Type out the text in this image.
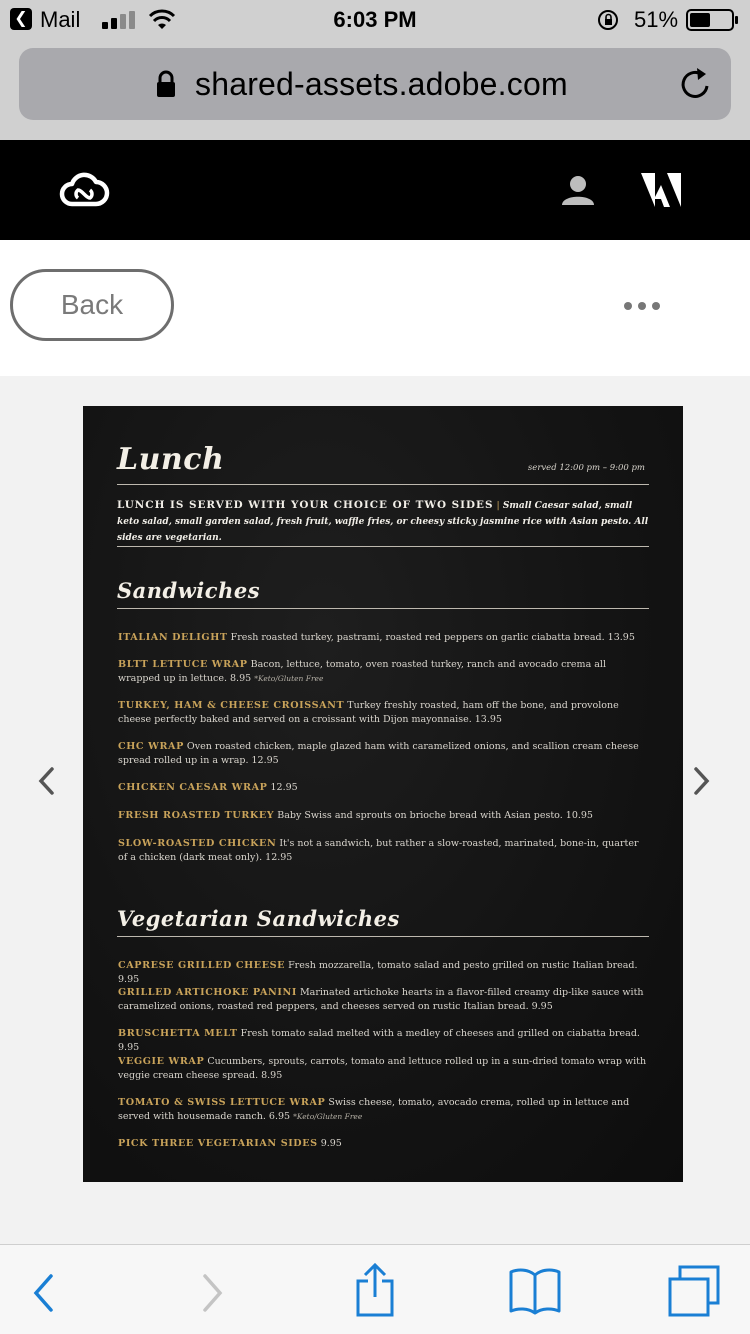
❮ Mail	6:03 PM	51%
shared-assets.adobe.com
Back
Lunch	served 12:00 pm – 9:00 pm
LUNCH IS SERVED WITH YOUR CHOICE OF TWO SIDES | Small Caesar salad, small keto salad, small garden salad, fresh fruit, waffle fries, or cheesy sticky jasmine rice with Asian pesto. All sides are vegetarian.
Sandwiches
ITALIAN DELIGHT Fresh roasted turkey, pastrami, roasted red peppers on garlic ciabatta bread. 13.95
BLTT LETTUCE WRAP Bacon, lettuce, tomato, oven roasted turkey, ranch and avocado crema all wrapped up in lettuce. 8.95 *Keto/Gluten Free
TURKEY, HAM & CHEESE CROISSANT Turkey freshly roasted, ham off the bone, and provolone cheese perfectly baked and served on a croissant with Dijon mayonnaise. 13.95
CHC WRAP Oven roasted chicken, maple glazed ham with caramelized onions, and scallion cream cheese spread rolled up in a wrap. 12.95
CHICKEN CAESAR WRAP 12.95
FRESH ROASTED TURKEY Baby Swiss and sprouts on brioche bread with Asian pesto. 10.95
SLOW-ROASTED CHICKEN It's not a sandwich, but rather a slow-roasted, marinated, bone-in, quarter of a chicken (dark meat only). 12.95
Vegetarian Sandwiches
CAPRESE GRILLED CHEESE Fresh mozzarella, tomato salad and pesto grilled on rustic Italian bread. 9.95
GRILLED ARTICHOKE PANINI Marinated artichoke hearts in a flavor-filled creamy dip-like sauce with caramelized onions, roasted red peppers, and cheeses served on rustic Italian bread. 9.95
BRUSCHETTA MELT Fresh tomato salad melted with a medley of cheeses and grilled on ciabatta bread. 9.95
VEGGIE WRAP Cucumbers, sprouts, carrots, tomato and lettuce rolled up in a sun-dried tomato wrap with veggie cream cheese spread. 8.95
TOMATO & SWISS LETTUCE WRAP Swiss cheese, tomato, avocado crema, rolled up in lettuce and served with housemade ranch. 6.95 *Keto/Gluten Free
PICK THREE VEGETARIAN SIDES 9.95
